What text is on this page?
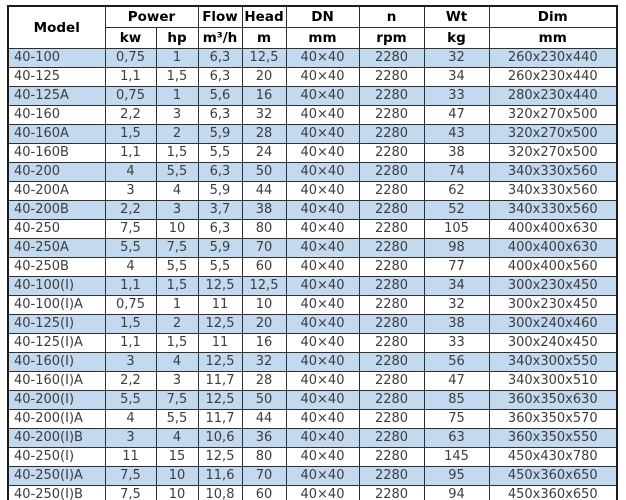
Model	Power		Flow	Head	DN	n	Wt	Dim
	kw	hp	m³/h	m	mm	rpm	kg	mm
40-100	0,75	1	6,3	12,5	40×40	2280	32	260x230x440
40-125	1,1	1,5	6,3	20	40×40	2280	34	260x230x440
40-125A	0,75	1	5,6	16	40×40	2280	33	280x230x440
40-160	2,2	3	6,3	32	40×40	2280	47	320x270x500
40-160A	1,5	2	5,9	28	40×40	2280	43	320x270x500
40-160B	1,1	1,5	5,5	24	40×40	2280	38	320x270x500
40-200	4	5,5	6,3	50	40×40	2280	74	340x330x560
40-200A	3	4	5,9	44	40×40	2280	62	340x330x560
40-200B	2,2	3	3,7	38	40×40	2280	52	340x330x560
40-250	7,5	10	6,3	80	40×40	2280	105	400x400x630
40-250A	5,5	7,5	5,9	70	40×40	2280	98	400x400x630
40-250B	4	5,5	5,5	60	40×40	2280	77	400x400x560
40-100(I)	1,1	1,5	12,5	12,5	40×40	2280	34	300x230x450
40-100(I)A	0,75	1	11	10	40×40	2280	32	300x230x450
40-125(I)	1,5	2	12,5	20	40×40	2280	38	300x240x460
40-125(I)A	1,1	1,5	11	16	40×40	2280	33	300x240x450
40-160(I)	3	4	12,5	32	40×40	2280	56	340x300x550
40-160(I)A	2,2	3	11,7	28	40×40	2280	47	340x300x510
40-200(I)	5,5	7,5	12,5	50	40×40	2280	85	360x350x630
40-200(I)A	4	5,5	11,7	44	40×40	2280	75	360x350x570
40-200(I)B	3	4	10,6	36	40×40	2280	63	360x350x550
40-250(I)	11	15	12,5	80	40×40	2280	145	450x430x780
40-250(I)A	7,5	10	11,6	70	40×40	2280	95	450x360x650
40-250(I)B	7,5	10	10,8	60	40×40	2280	94	450x360x650
